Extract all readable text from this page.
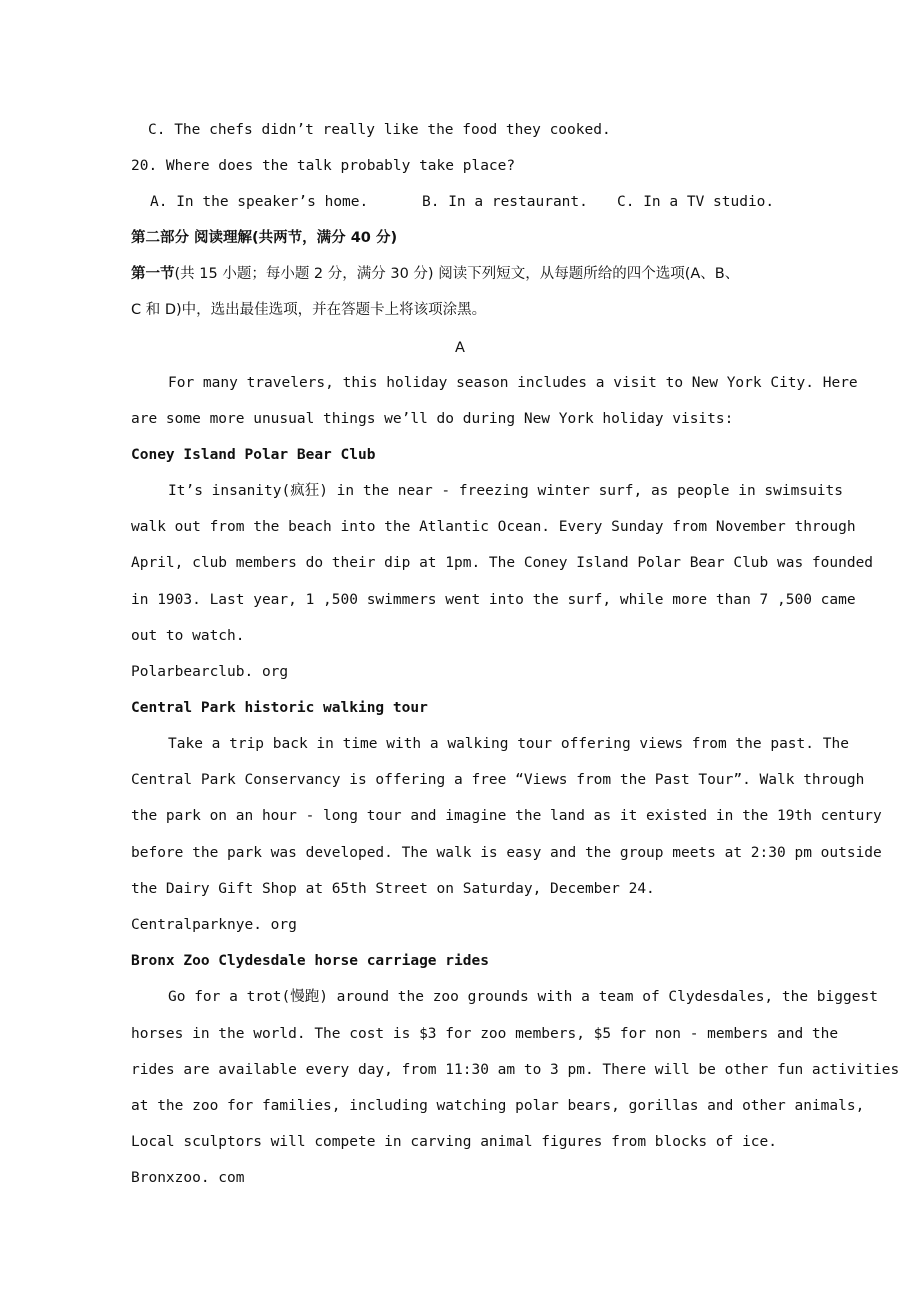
C. The chefs didn’t really like the food they cooked.
20. Where does the talk probably take place?
A. In the speaker’s home.	B. In a restaurant. C. In a TV studio.
第二部分 阅读理解(共两节，满分 40 分)
第一节(共 15 小题；每小题 2 分，满分 30 分) 阅读下列短文，从每题所给的四个选项(A、B、
C 和 D)中，选出最佳选项，并在答题卡上将该项涂黑。
A
For many travelers, this holiday season includes a visit to New York City. Here
are some more unusual things we’ll do during New York holiday visits:
Coney Island Polar Bear Club
It’s insanity(疯狂) in the near - freezing winter surf, as people in swimsuits
walk out from the beach into the Atlantic Ocean. Every Sunday from November through
April, club members do their dip at 1pm. The Coney Island Polar Bear Club was founded
in 1903. Last year, 1 ,500 swimmers went into the surf, while more than 7 ,500 came
out to watch.
Polarbearclub. org
Central Park historic walking tour
Take a trip back in time with a walking tour offering views from the past. The
Central Park Conservancy is offering a free “Views from the Past Tour”. Walk through
the park on an hour - long tour and imagine the land as it existed in the 19th century
before the park was developed. The walk is easy and the group meets at 2:30 pm outside
the Dairy Gift Shop at 65th Street on Saturday, December 24.
Centralparknye. org
Bronx Zoo Clydesdale horse carriage rides
Go for a trot(慢跑) around the zoo grounds with a team of Clydesdales, the biggest
horses in the world. The cost is $3 for zoo members, $5 for non - members and the
rides are available every day, from 11:30 am to 3 pm. There will be other fun activities
at the zoo for families, including watching polar bears, gorillas and other animals,
Local sculptors will compete in carving animal figures from blocks of ice.
Bronxzoo. com
